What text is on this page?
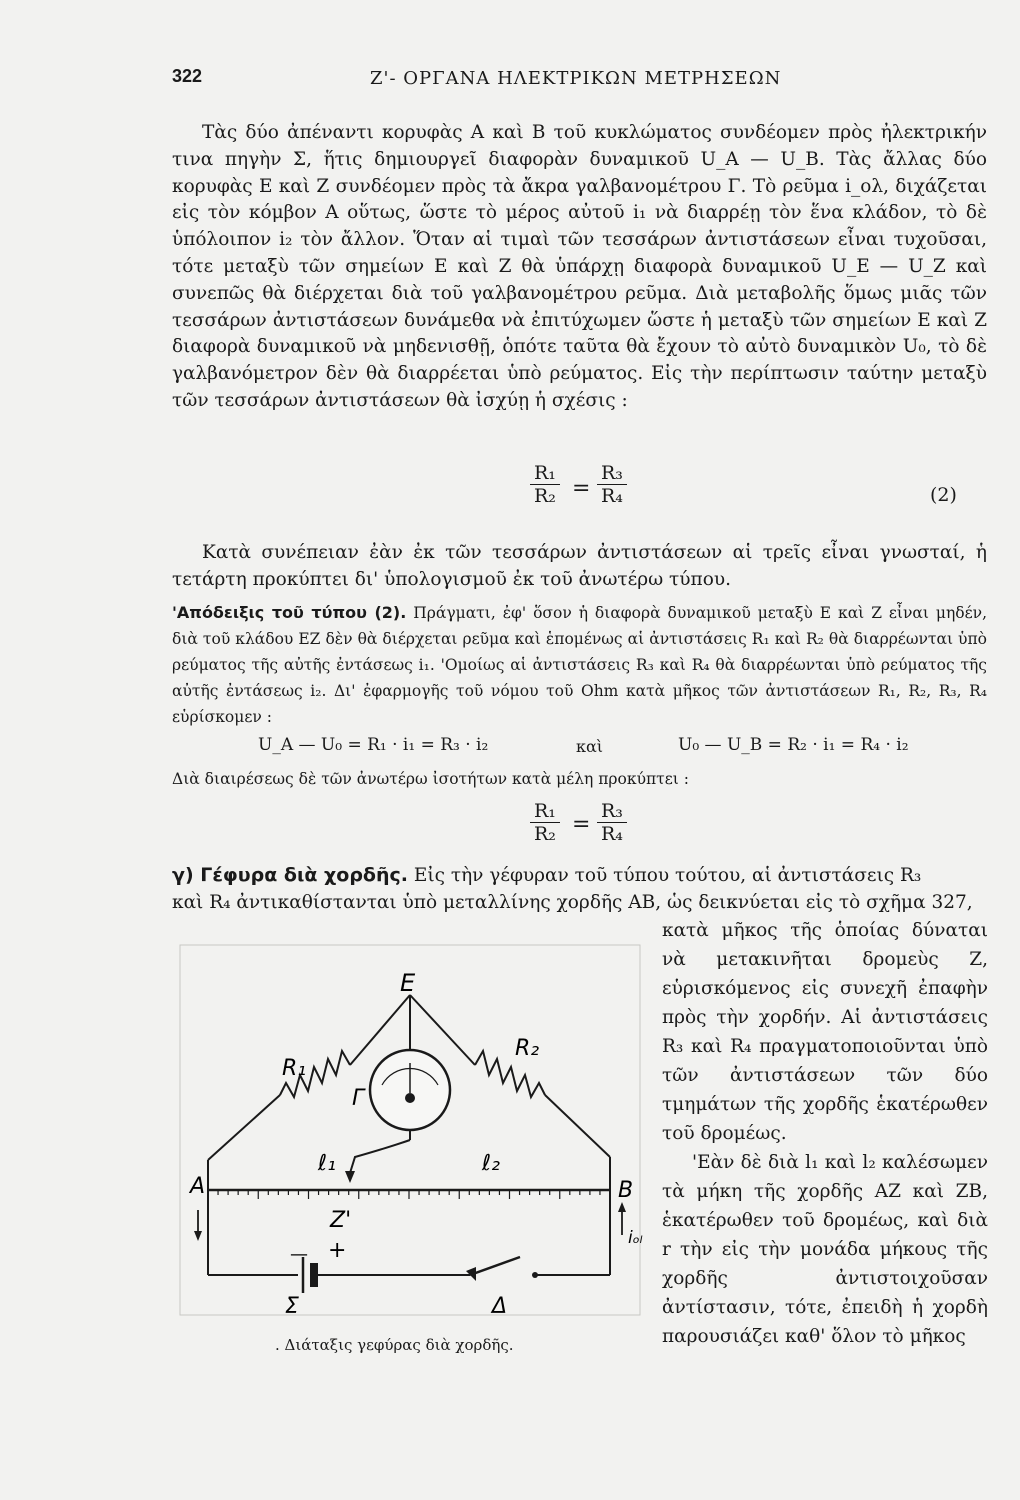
322	Ζ'- ΟΡΓΑΝΑ ΗΛΕΚΤΡΙΚΩΝ ΜΕΤΡΗΣΕΩΝ
Τὰς δύο ἀπέναντι κορυφὰς Α καὶ Β τοῦ κυκλώματος συνδέομεν πρὸς ἠλεκτρικήν τινα πηγὴν Σ, ἥτις δημιουργεῖ διαφορὰν δυναμικοῦ U_A — U_B. Τὰς ἄλλας δύο κορυφὰς Ε καὶ Ζ συνδέομεν πρὸς τὰ ἄκρα γαλβανομέτρου Γ. Τὸ ρεῦμα i_ολ, διχάζεται εἰς τὸν κόμβον Α οὕτως, ὥστε τὸ μέρος αὐτοῦ i₁ νὰ διαρρέῃ τὸν ἕνα κλάδον, τὸ δὲ ὑπόλοιπον i₂ τὸν ἄλλον. Ὅταν αἱ τιμαὶ τῶν τεσσάρων ἀντιστάσεων εἶναι τυχοῦσαι, τότε μεταξὺ τῶν σημείων Ε καὶ Ζ θὰ ὑπάρχῃ διαφορὰ δυναμικοῦ U_E — U_Z καὶ συνεπῶς θὰ διέρχεται διὰ τοῦ γαλβανομέτρου ρεῦμα. Διὰ μεταβολῆς ὅμως μιᾶς τῶν τεσσάρων ἀντιστάσεων δυνάμεθα νὰ ἐπιτύχωμεν ὥστε ἡ μεταξὺ τῶν σημείων Ε καὶ Ζ διαφορὰ δυναμικοῦ νὰ μηδενισθῇ, ὁπότε ταῦτα θὰ ἔχουν τὸ αὐτὸ δυναμικὸν U₀, τὸ δὲ γαλβανόμετρον δὲν θὰ διαρρέεται ὑπὸ ρεύματος. Εἰς τὴν περίπτωσιν ταύτην μεταξὺ τῶν τεσσάρων ἀντιστάσεων θὰ ἰσχύῃ ἡ σχέσις :
$\frac{\text{R₁}}{\text{R₂}} = \frac{\text{R₃}}{\text{R₄}}$	(2)
Κατὰ συνέπειαν ἐὰν ἐκ τῶν τεσσάρων ἀντιστάσεων αἱ τρεῖς εἶναι γνωσταί, ἡ τετάρτη προκύπτει δι' ὑπολογισμοῦ ἐκ τοῦ ἀνωτέρω τύπου.
'Απόδειξις τοῦ τύπου (2). Πράγματι, ἐφ' ὅσον ἡ διαφορὰ δυναμικοῦ μεταξὺ Ε καὶ Ζ εἶναι μηδέν, διὰ τοῦ κλάδου ΕΖ δὲν θὰ διέρχεται ρεῦμα καὶ ἑπομένως αἱ ἀντιστάσεις R₁ καὶ R₂ θὰ διαρρέωνται ὑπὸ ρεύματος τῆς αὐτῆς ἐντάσεως i₁. 'Ομοίως αἱ ἀντιστάσεις R₃ καὶ R₄ θὰ διαρρέωνται ὑπὸ ρεύματος τῆς αὐτῆς ἐντάσεως i₂. Δι' ἐφαρμογῆς τοῦ νόμου τοῦ Ohm κατὰ μῆκος τῶν ἀντιστάσεων R₁, R₂, R₃, R₄ εὑρίσκομεν :
U_A — U₀ = R₁ · i₁ = R₃ · i₂	καὶ	U₀ — U_B = R₂ · i₁ = R₄ · i₂
Διὰ διαιρέσεως δὲ τῶν ἀνωτέρω ἰσοτήτων κατὰ μέλη προκύπτει :
$\frac{\text{R₁}}{\text{R₂}} = \frac{\text{R₃}}{\text{R₄}}$
γ) Γέφυρα διὰ χορδῆς. Εἰς τὴν γέφυραν τοῦ τύπου τούτου, αἱ ἀντιστάσεις R₃
καὶ R₄ ἀντικαθίστανται ὑπὸ μεταλλίνης χορδῆς ΑΒ, ὡς δεικνύεται εἰς τὸ σχῆμα 327,

κατὰ μῆκος τῆς ὁποίας δύναται νὰ μετακινῆται δρομεὺς Ζ, εὑρισκόμενος εἰς συνεχῆ ἐπαφὴν πρὸς τὴν χορδήν. Αἱ ἀντιστάσεις R₃ καὶ R₄ πραγματοποιοῦνται ὑπὸ τῶν ἀντιστάσεων τῶν δύο τμημάτων τῆς χορδῆς ἑκατέρωθεν τοῦ δρομέως.

'Εὰν δὲ διὰ l₁ καὶ l₂ καλέσωμεν τὰ μήκη τῆς χορδῆς ΑΖ καὶ ΖΒ, ἑκατέρωθεν τοῦ δρομέως, καὶ διὰ r τὴν εἰς τὴν μονάδα μήκους τῆς χορδῆς ἀντιστοιχοῦσαν ἀντίστασιν, τότε, ἐπειδὴ ἡ χορδὴ παρουσιάζει καθ' ὅλον τὸ μῆκος

E
A	B
R₁
R₂
Γ
ℓ₁	ℓ₂
Z'
iₒₗ
Σ	Δ
— +
. Διάταξις γεφύρας διὰ χορδῆς.
